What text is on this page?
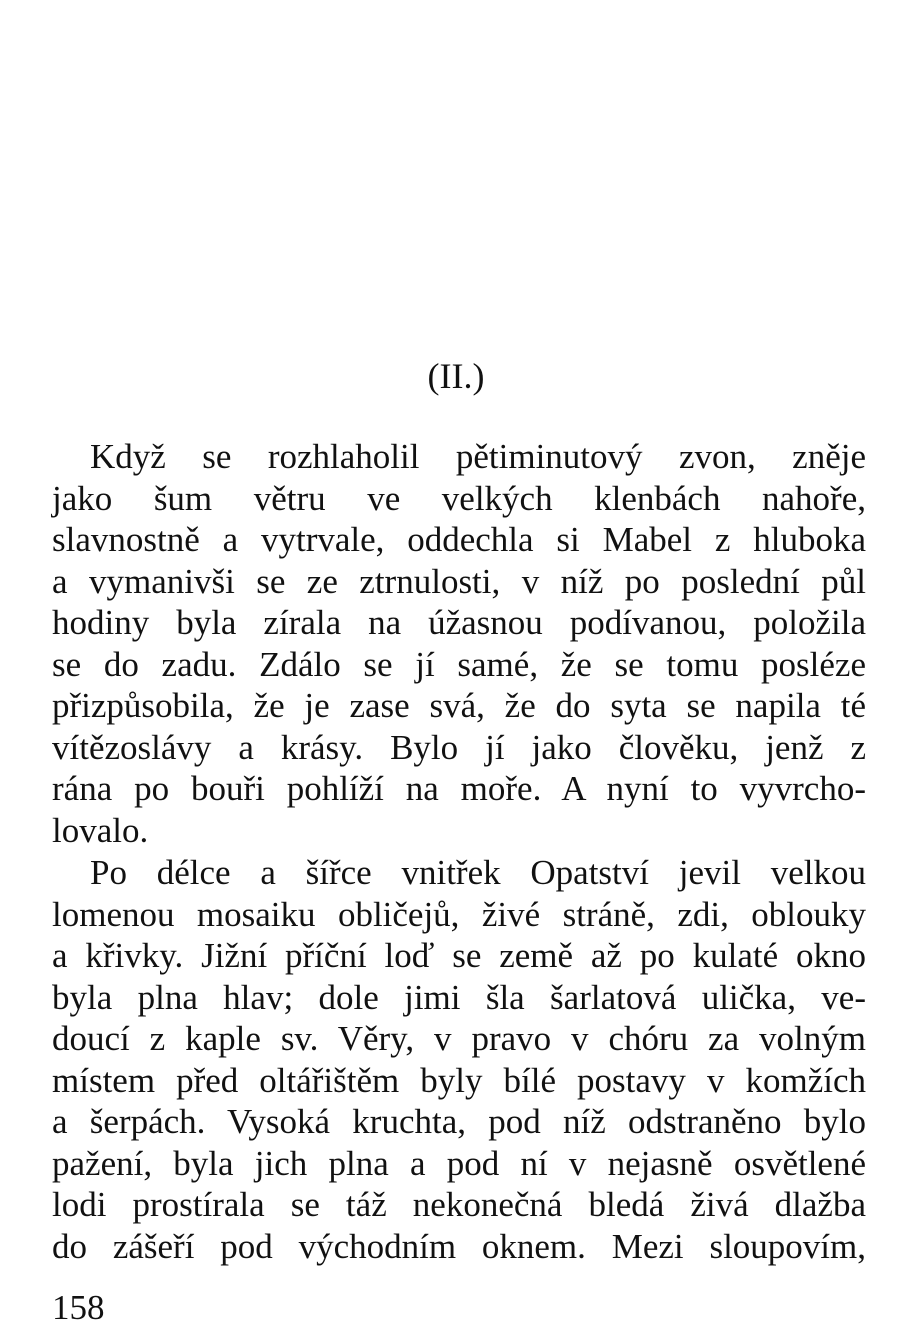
(II.)
Když se rozhlaholil pětiminutový zvon, zněje
jako šum větru ve velkých klenbách nahoře,
slavnostně a vytrvale, oddechla si Mabel z hluboka
a vymanivši se ze ztrnulosti, v níž po poslední půl
hodiny byla zírala na úžasnou podívanou, položila
se do zadu. Zdálo se jí samé, že se tomu posléze
přizpůsobila, že je zase svá, že do syta se napila té
vítězoslávy a krásy. Bylo jí jako člověku, jenž z
rána po bouři pohlíží na moře. A nyní to vyvrcho-
lovalo.
Po délce a šířce vnitřek Opatství jevil velkou
lomenou mosaiku obličejů, živé stráně, zdi, oblouky
a křivky. Jižní příční loď se země až po kulaté okno
byla plna hlav; dole jimi šla šarlatová ulička, ve-
doucí z kaple sv. Věry, v pravo v chóru za volným
místem před oltářištěm byly bílé postavy v komžích
a šerpách. Vysoká kruchta, pod níž odstraněno bylo
pažení, byla jich plna a pod ní v nejasně osvětlené
lodi prostírala se táž nekonečná bledá živá dlažba
do zášeří pod východním oknem. Mezi sloupovím,
158
